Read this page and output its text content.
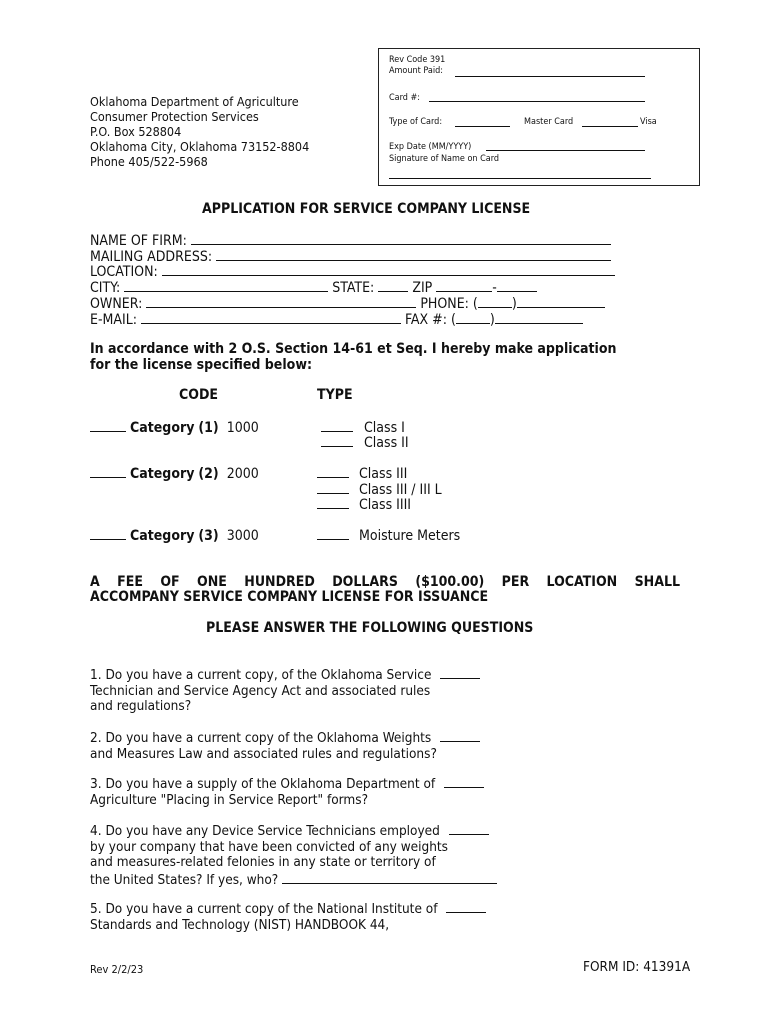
Rev Code 391
Amount Paid:
Card #:
Type of Card:	Master Card	Visa
Exp Date (MM/YYYY)
Signature of Name on Card
Oklahoma Department of Agriculture
Consumer Protection Services
P.O. Box 528804
Oklahoma City, Oklahoma 73152-8804
Phone 405/522-5968
APPLICATION FOR SERVICE COMPANY LICENSE
NAME OF FIRM:
MAILING ADDRESS:
LOCATION:
CITY:	STATE:	ZIP	-
OWNER:	PHONE: ( )
E-MAIL:	FAX #: ( )
In accordance with 2 O.S. Section 14-61 et Seq. I hereby make application
for the license specified below:
CODE	TYPE
Category (1) 1000	Class I
Class II
Category (2) 2000	Class III
Class III / III L
Class IIII
Category (3) 3000	Moisture Meters
A FEE OF ONE HUNDRED DOLLARS ($100.00) PER LOCATION SHALL
ACCOMPANY SERVICE COMPANY LICENSE FOR ISSUANCE
PLEASE ANSWER THE FOLLOWING QUESTIONS
1. Do you have a current copy, of the Oklahoma Service
Technician and Service Agency Act and associated rules
and regulations?
2. Do you have a current copy of the Oklahoma Weights
and Measures Law and associated rules and regulations?
3. Do you have a supply of the Oklahoma Department of
Agriculture "Placing in Service Report" forms?
4. Do you have any Device Service Technicians employed
by your company that have been convicted of any weights
and measures-related felonies in any state or territory of
the United States? If yes, who?
5. Do you have a current copy of the National Institute of
Standards and Technology (NIST) HANDBOOK 44,
Rev 2/2/23	FORM ID: 41391A
